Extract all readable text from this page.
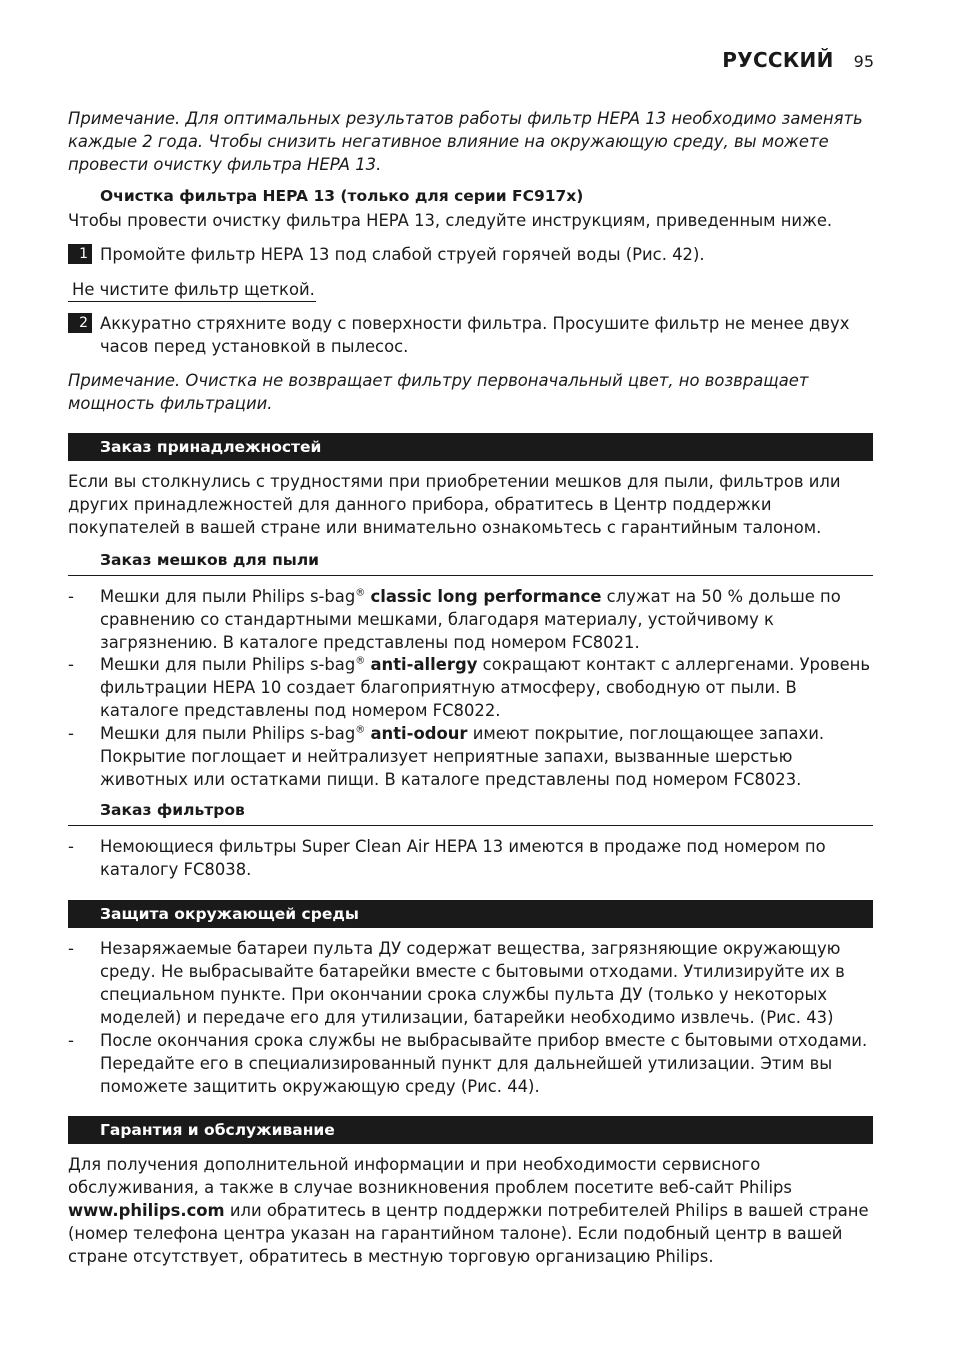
РУССКИЙ 95
Примечание. Для оптимальных результатов работы фильтр HEPA 13 необходимо заменять каждые 2 года. Чтобы снизить негативное влияние на окружающую среду, вы можете провести очистку фильтра HEPA 13.
Очистка фильтра HEPA 13 (только для серии FC917x)
Чтобы провести очистку фильтра HEPA 13, следуйте инструкциям, приведенным ниже.
1 Промойте фильтр HEPA 13 под слабой струей горячей воды (Рис. 42).
Не чистите фильтр щеткой.
2 Аккуратно стряхните воду с поверхности фильтра. Просушите фильтр не менее двух часов перед установкой в пылесос.
Примечание. Очистка не возвращает фильтру первоначальный цвет, но возвращает мощность фильтрации.
Заказ принадлежностей
Если вы столкнулись с трудностями при приобретении мешков для пыли, фильтров или других принадлежностей для данного прибора, обратитесь в Центр поддержки покупателей в вашей стране или внимательно ознакомьтесь с гарантийным талоном.
Заказ мешков для пыли
- Мешки для пыли Philips s-bag® classic long performance служат на 50 % дольше по сравнению со стандартными мешками, благодаря материалу, устойчивому к загрязнению. В каталоге представлены под номером FC8021.
- Мешки для пыли Philips s-bag® anti-allergy сокращают контакт с аллергенами. Уровень фильтрации HEPA 10 создает благоприятную атмосферу, свободную от пыли. В каталоге представлены под номером FC8022.
- Мешки для пыли Philips s-bag® anti-odour имеют покрытие, поглощающее запахи. Покрытие поглощает и нейтрализует неприятные запахи, вызванные шерстью животных или остатками пищи. В каталоге представлены под номером FC8023.
Заказ фильтров
- Немоющиеся фильтры Super Clean Air HEPA 13 имеются в продаже под номером по каталогу FC8038.
Защита окружающей среды
- Незаряжаемые батареи пульта ДУ содержат вещества, загрязняющие окружающую среду. Не выбрасывайте батарейки вместе с бытовыми отходами. Утилизируйте их в специальном пункте. При окончании срока службы пульта ДУ (только у некоторых моделей) и передаче его для утилизации, батарейки необходимо извлечь. (Рис. 43)
- После окончания срока службы не выбрасывайте прибор вместе с бытовыми отходами. Передайте его в специализированный пункт для дальнейшей утилизации. Этим вы поможете защитить окружающую среду (Рис. 44).
Гарантия и обслуживание
Для получения дополнительной информации и при необходимости сервисного обслуживания, а также в случае возникновения проблем посетите веб-сайт Philips www.philips.com или обратитесь в центр поддержки потребителей Philips в вашей стране (номер телефона центра указан на гарантийном талоне). Если подобный центр в вашей стране отсутствует, обратитесь в местную торговую организацию Philips.
